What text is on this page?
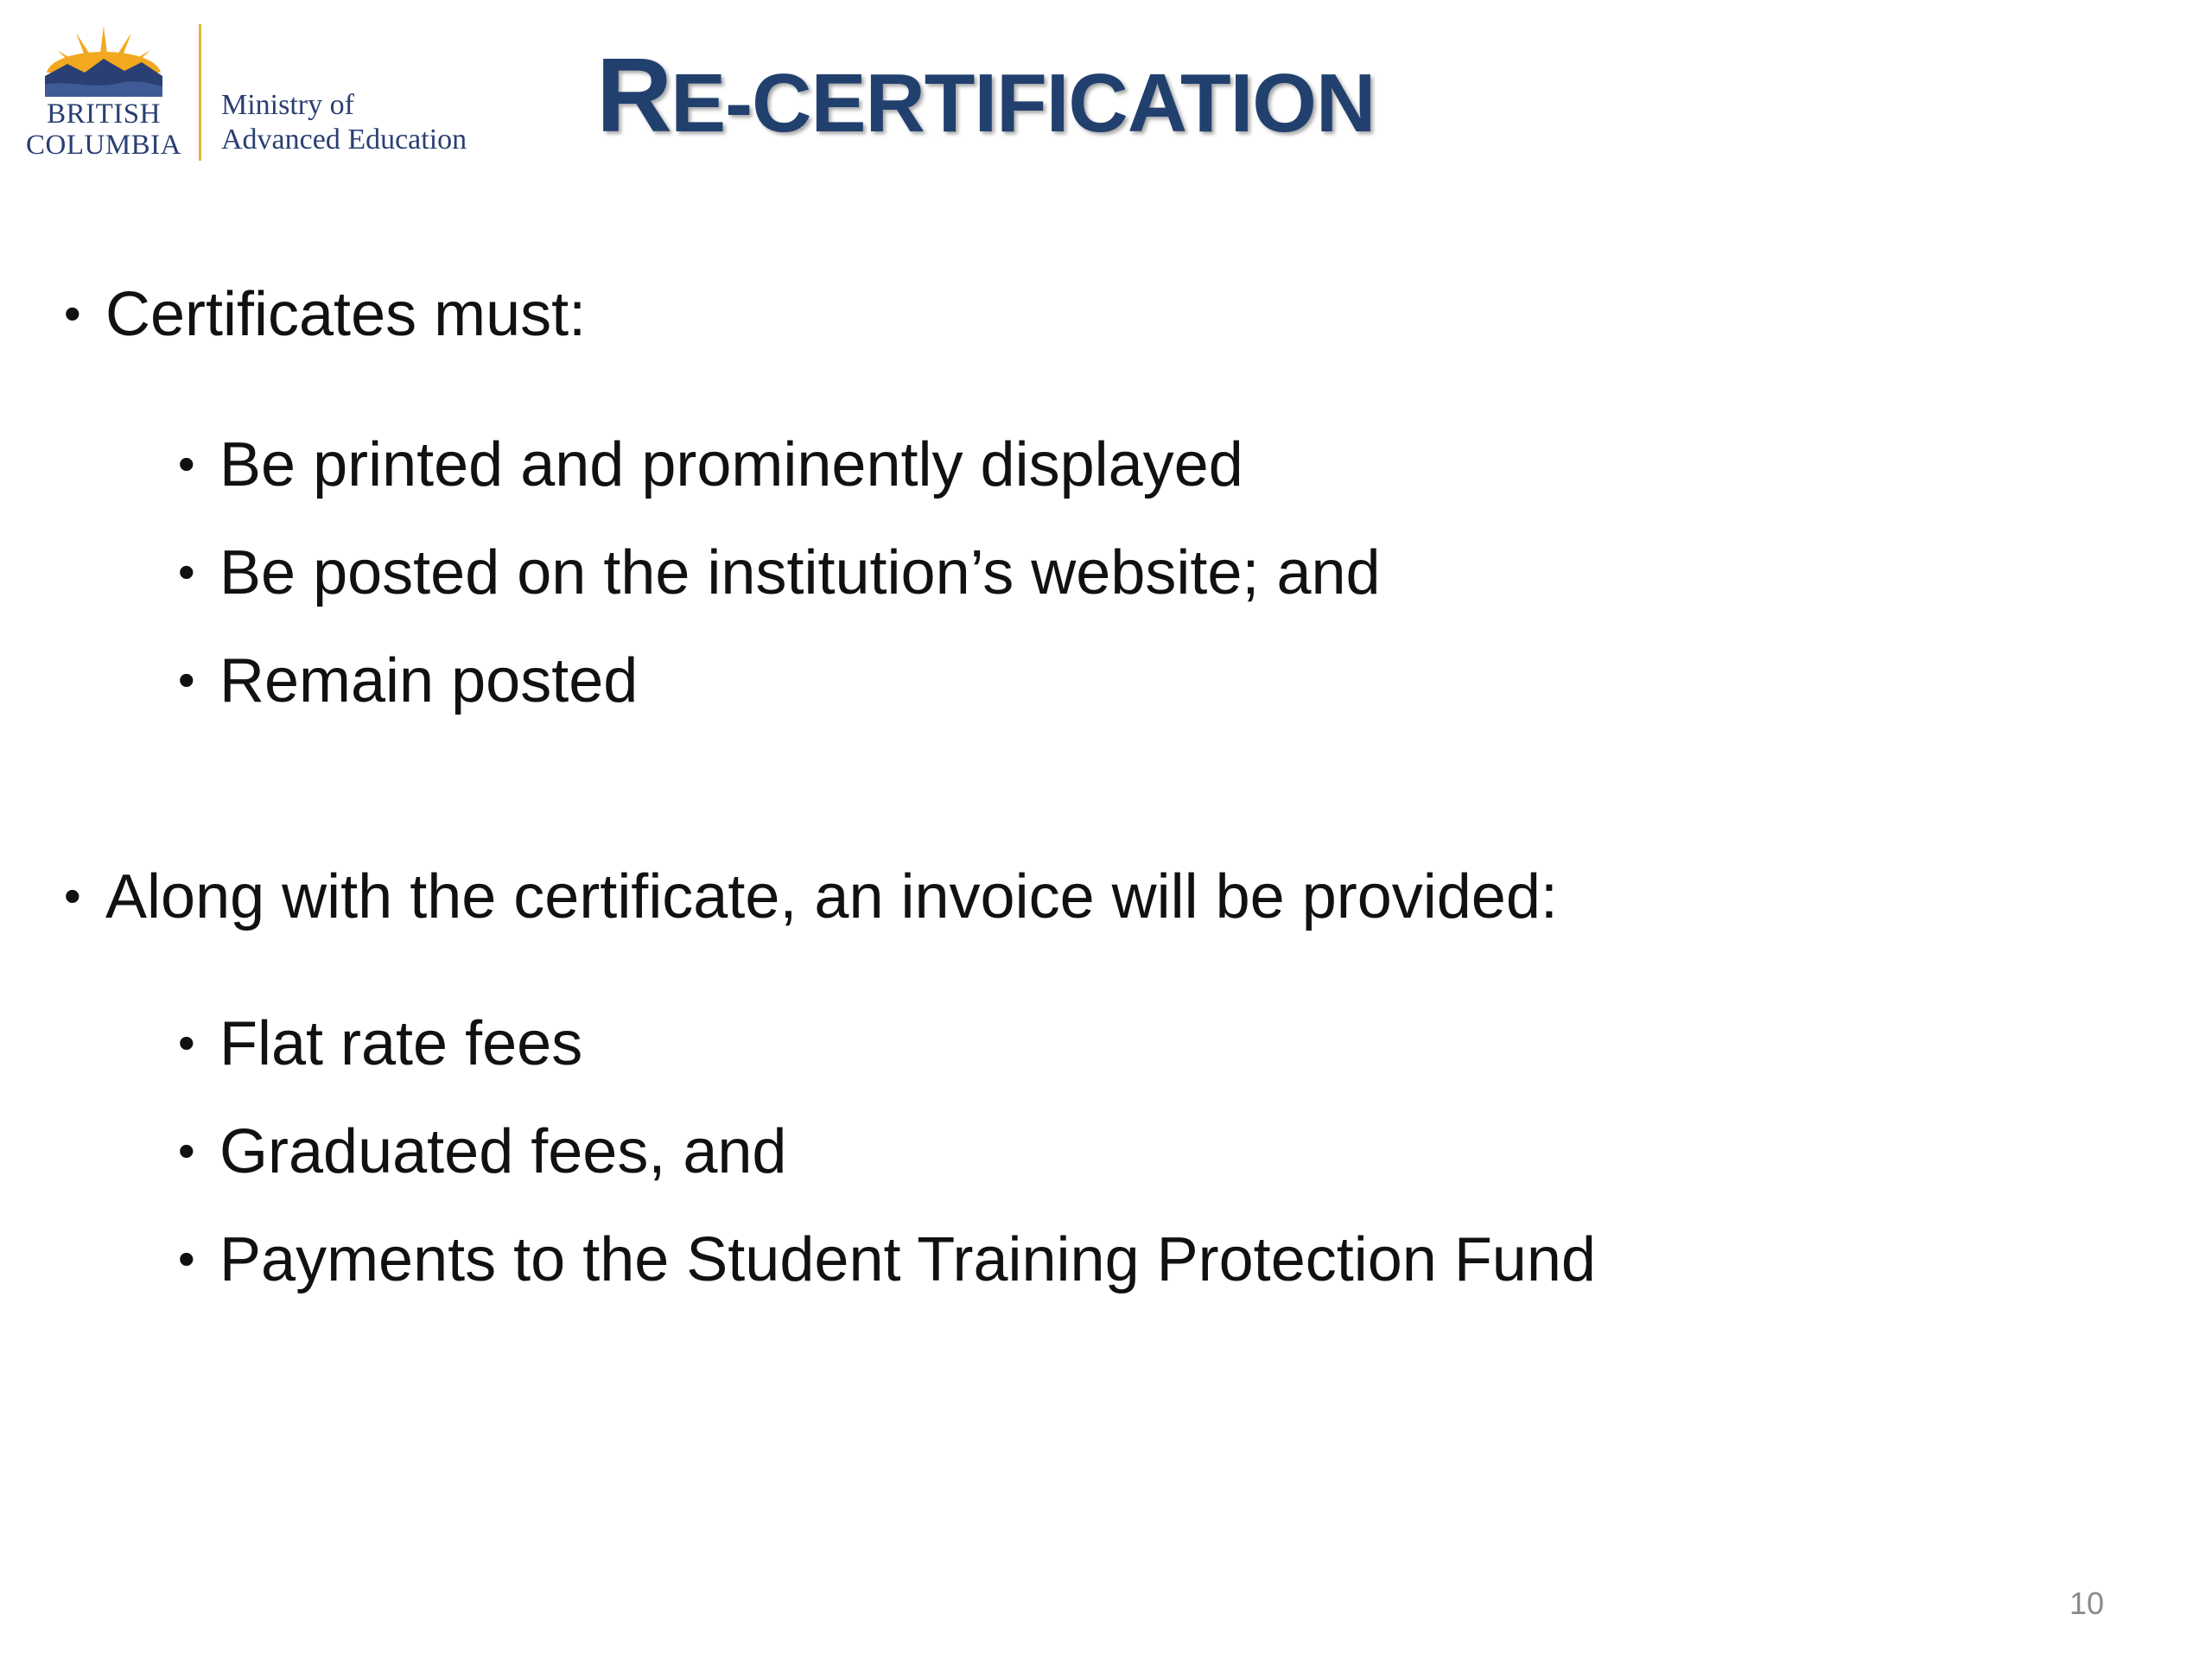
BRITISH
COLUMBIA
Ministry of
Advanced Education RE-CERTIFICATION
• Certificates must:
• Be printed and prominently displayed
• Be posted on the institution’s website; and
• Remain posted
• Along with the certificate, an invoice will be provided:
• Flat rate fees
• Graduated fees, and
• Payments to the Student Training Protection Fund
10
